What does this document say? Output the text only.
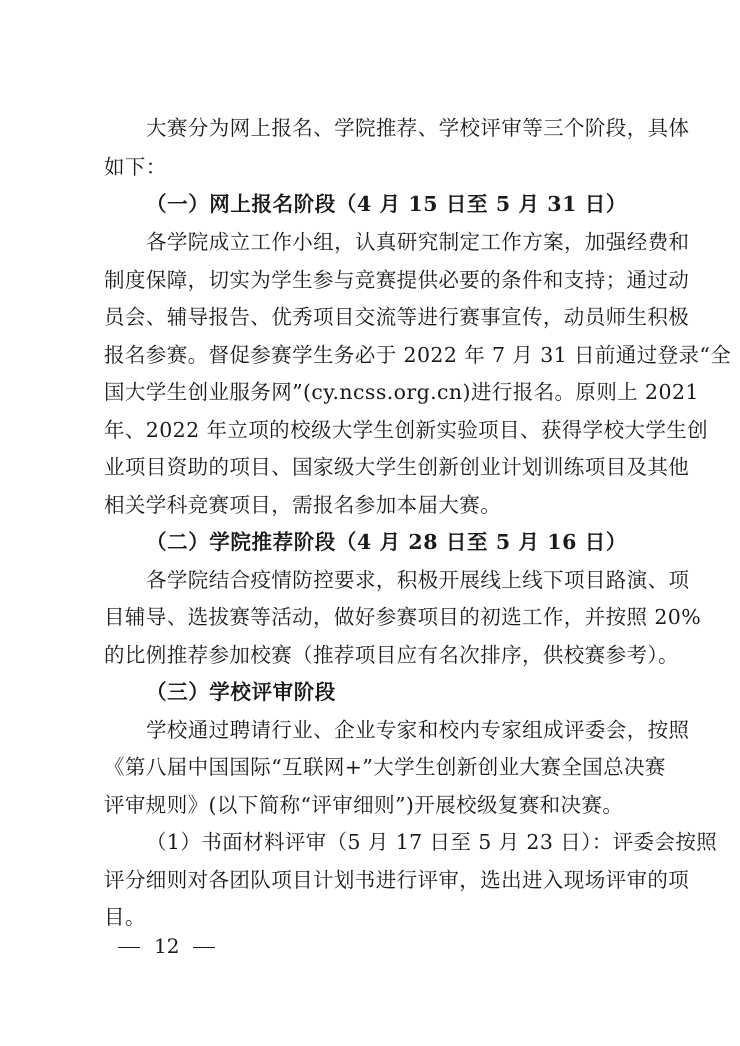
大赛分为网上报名、学院推荐、学校评审等三个阶段，具体
如下：
（一）网上报名阶段（4 月 15 日至 5 月 31 日）
各学院成立工作小组，认真研究制定工作方案，加强经费和
制度保障，切实为学生参与竞赛提供必要的条件和支持；通过动
员会、辅导报告、优秀项目交流等进行赛事宣传，动员师生积极
报名参赛。督促参赛学生务必于 2022 年 7 月 31 日前通过登录“全
国大学生创业服务网”(cy.ncss.org.cn)进行报名。原则上 2021
年、2022 年立项的校级大学生创新实验项目、获得学校大学生创
业项目资助的项目、国家级大学生创新创业计划训练项目及其他
相关学科竞赛项目，需报名参加本届大赛。
（二）学院推荐阶段（4 月 28 日至 5 月 16 日）
各学院结合疫情防控要求，积极开展线上线下项目路演、项
目辅导、选拔赛等活动，做好参赛项目的初选工作，并按照 20%
的比例推荐参加校赛（推荐项目应有名次排序，供校赛参考）。
（三）学校评审阶段
学校通过聘请行业、企业专家和校内专家组成评委会，按照
《第八届中国国际“互联网+”大学生创新创业大赛全国总决赛
评审规则》(以下简称“评审细则”)开展校级复赛和决赛。
（1）书面材料评审（5 月 17 日至 5 月 23 日）：评委会按照
评分细则对各团队项目计划书进行评审，选出进入现场评审的项
目。
12
